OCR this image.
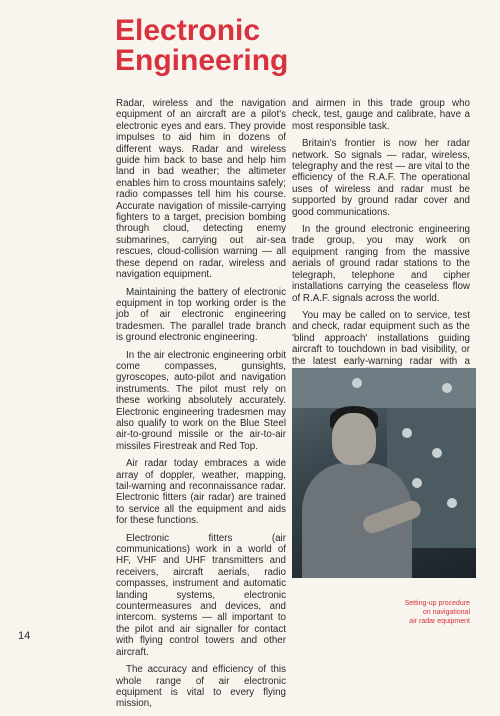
Electronic
Engineering

Radar, wireless and the navigation equipment of an aircraft are a pilot's electronic eyes and ears. They provide impulses to aid him in dozens of different ways. Radar and wireless guide him back to base and help him land in bad weather; the altimeter enables him to cross mountains safely; radio compasses tell him his course. Accurate navigation of missile-carrying fighters to a target, precision bombing through cloud, detecting enemy submarines, carrying out air-sea rescues, cloud-collision warning — all these depend on radar, wireless and navigation equipment.

Maintaining the battery of electronic equipment in top working order is the job of air electronic engineering tradesmen. The parallel trade branch is ground electronic engineering.

In the air electronic engineering orbit come compasses, gunsights, gyroscopes, auto-pilot and navigation instruments. The pilot must rely on these working absolutely accurately. Electronic engineering tradesmen may also qualify to work on the Blue Steel air-to-ground missile or the air-to-air missiles Firestreak and Red Top.

Air radar today embraces a wide array of doppler, weather, mapping, tail-warning and reconnaissance radar. Electronic fitters (air radar) are trained to service all the equipment and aids for these functions.

Electronic fitters (air communications) work in a world of HF, VHF and UHF transmitters and receivers, aircraft aerials, radio compasses, instrument and automatic landing systems, electronic countermeasures and devices, and intercom. systems — all important to the pilot and air signaller for contact with flying control towers and other aircraft.

The accuracy and efficiency of this whole range of air electronic equipment is vital to every flying mission,

and airmen in this trade group who check, test, gauge and calibrate, have a most responsible task.

Britain's frontier is now her radar network. So signals — radar, wireless, telegraphy and the rest — are vital to the efficiency of the R.A.F. The operational uses of wireless and radar must be supported by ground radar cover and good communications.

In the ground electronic engineering trade group, you may work on equipment ranging from the massive aerials of ground radar stations to the telegraph, telephone and cipher installations carrying the ceaseless flow of R.A.F. signals across the world.

You may be called on to service, test and check, radar equipment such as the 'blind approach' installations guiding aircraft to touchdown in bad visibility, or the latest early-warning radar with a

Setting-up procedure
on navigational
air radar equipment
14
